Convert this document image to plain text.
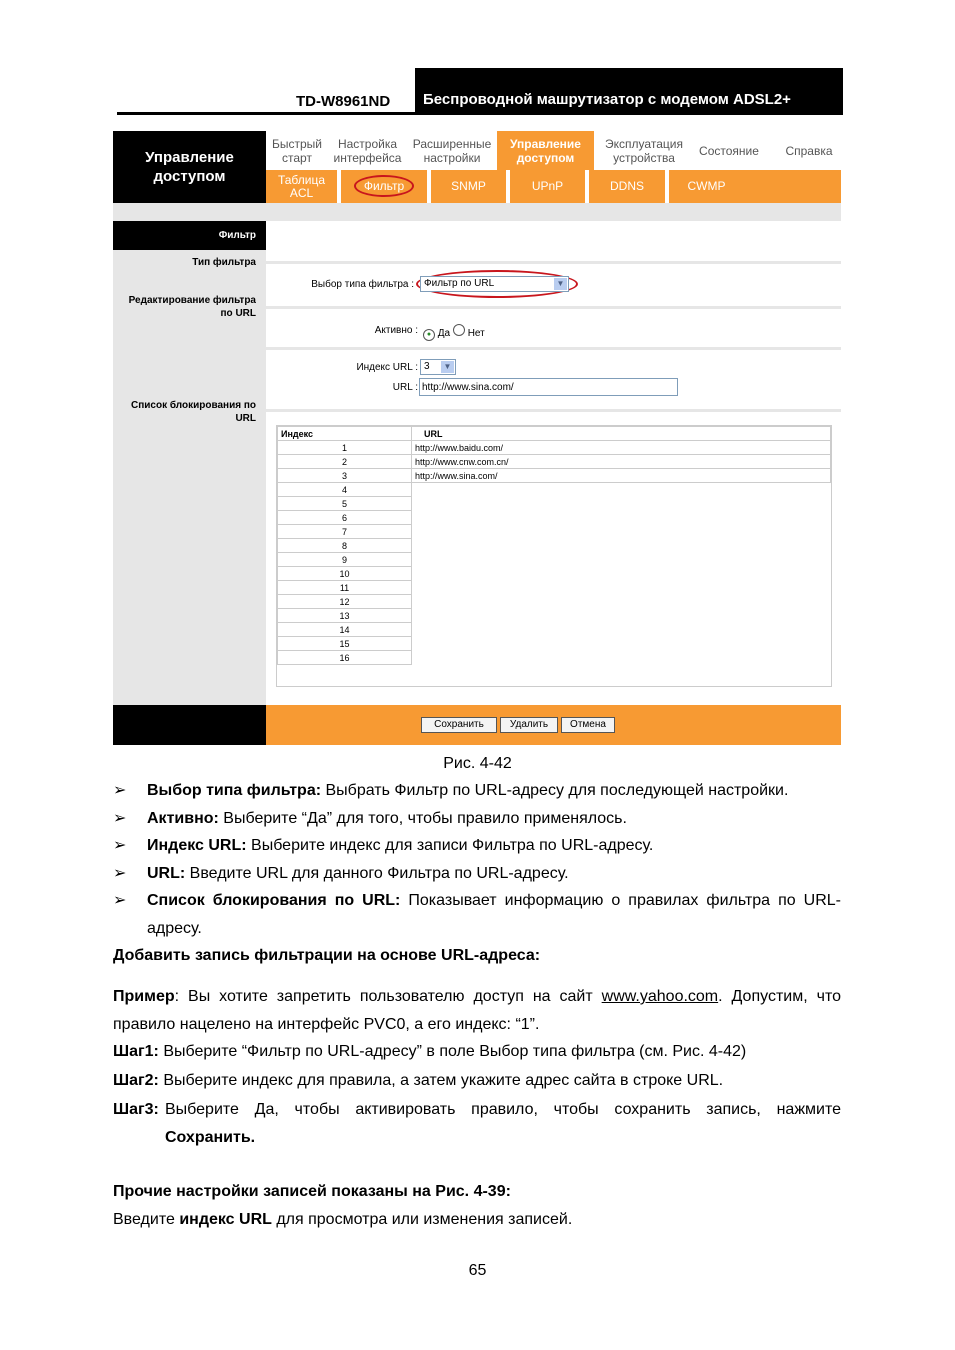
TD-W8961ND Беспроводной машрутизатор с модемом ADSL2+
Управление доступом
Быстрый старт
Настройка интерфейса
Расширенные настройки
Управление доступом
Эксплуатация устройства	Состояние	Справка
Таблица ACL	Фильтр	SNMP	UPnP	DDNS	CWMP
Фильтр
Тип фильтра
Редактирование фильтра по URL
Список блокирования по URL
Выбор типа фильтра :	Фильтр по URL	▼
Активно :	● Да Нет
Индекс URL : 3	▼
URL :
http://www.sina.com/
Индекс	URL
1	http://www.baidu.com/
2	http://www.cnw.com.cn/
3	http://www.sina.com/
4	
5	
6	
7	
8	
9	
10	
11	
12	
13	
14	
15	
16	
Сохранить	Удалить	Отмена
Рис. 4-42
➢ Выбор типа фильтра: Выбрать Фильтр по URL-адресу для последующей настройки.
➢ Активно: Выберите “Да” для того, чтобы правило применялось.
➢ Индекс URL: Выберите индекс для записи Фильтра по URL-адресу.
➢ URL: Введите URL для данного Фильтра по URL-адресу.
➢ Список блокирования по URL: Показывает информацию о правилах фильтра по URL-адресу.
Добавить запись фильтрации на основе URL-адреса:
Пример: Вы хотите запретить пользователю доступ на сайт www.yahoo.com. Допустим, что правило нацелено на интерфейс PVC0, а его индекс: “1”.
Шаг1: Выберите “Фильтр по URL-адресу” в поле Выбор типа фильтра (см. Рис. 4-42)
Шаг2: Выберите индекс для правила, а затем укажите адрес сайта в строке URL.
Шаг3: Выберите Да, чтобы активировать правило, чтобы сохранить запись, нажмите Сохранить.
Прочие настройки записей показаны на Рис. 4-39:
Введите индекс URL для просмотра или изменения записей.
65
